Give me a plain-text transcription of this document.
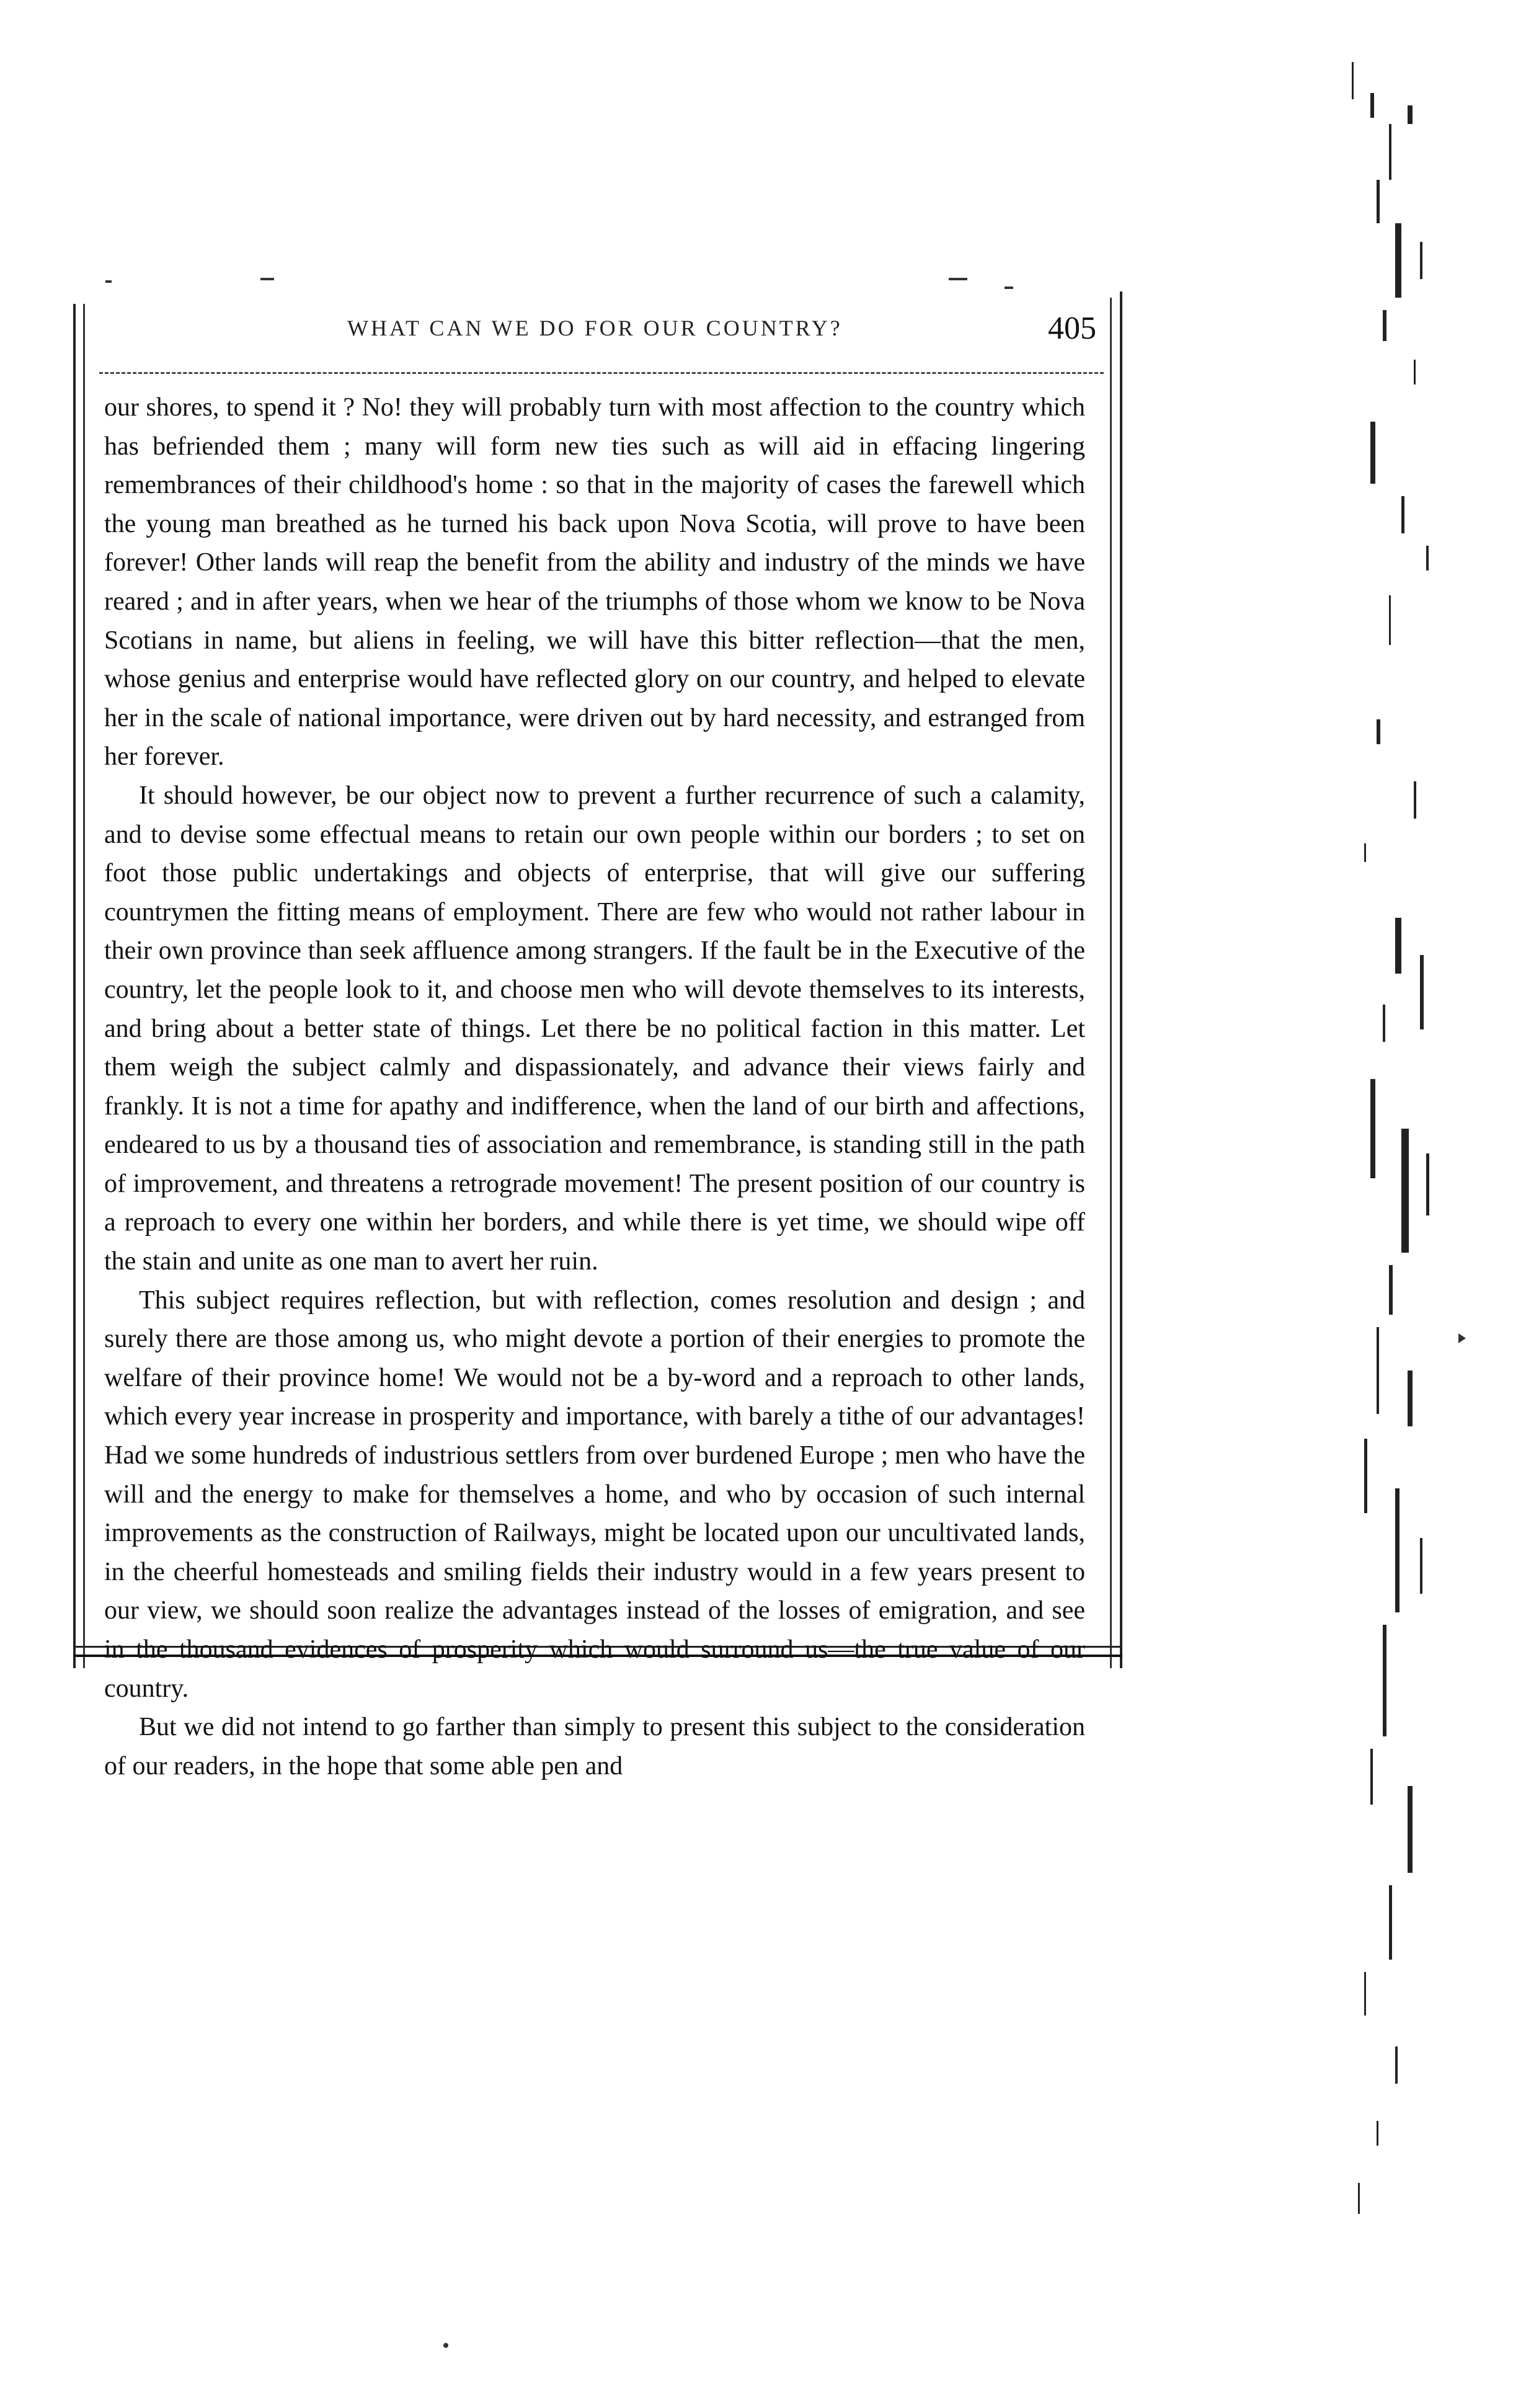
WHAT CAN WE DO FOR OUR COUNTRY?	405

our shores, to spend it ? No! they will probably turn with most affection to the country which has befriended them ; many will form new ties such as will aid in effacing lingering remembrances of their childhood's home : so that in the majority of cases the farewell which the young man breathed as he turned his back upon Nova Scotia, will prove to have been forever! Other lands will reap the benefit from the ability and industry of the minds we have reared ; and in after years, when we hear of the triumphs of those whom we know to be Nova Scotians in name, but aliens in feeling, we will have this bitter reflection—that the men, whose genius and enterprise would have reflected glory on our country, and helped to elevate her in the scale of national importance, were driven out by hard necessity, and estranged from her forever.

It should however, be our object now to prevent a further recurrence of such a calamity, and to devise some effectual means to retain our own people within our borders ; to set on foot those public undertakings and objects of enterprise, that will give our suffering countrymen the fitting means of employment. There are few who would not rather labour in their own province than seek affluence among strangers. If the fault be in the Executive of the country, let the people look to it, and choose men who will devote themselves to its interests, and bring about a better state of things. Let there be no political faction in this matter. Let them weigh the subject calmly and dispassionately, and advance their views fairly and frankly. It is not a time for apathy and indifference, when the land of our birth and affections, endeared to us by a thousand ties of association and remembrance, is standing still in the path of improvement, and threatens a retrograde movement! The present position of our country is a reproach to every one within her borders, and while there is yet time, we should wipe off the stain and unite as one man to avert her ruin.

This subject requires reflection, but with reflection, comes resolution and design ; and surely there are those among us, who might devote a portion of their energies to promote the welfare of their province home! We would not be a by-word and a reproach to other lands, which every year increase in prosperity and importance, with barely a tithe of our advantages! Had we some hundreds of industrious settlers from over burdened Europe ; men who have the will and the energy to make for themselves a home, and who by occasion of such internal improvements as the construction of Railways, might be located upon our uncultivated lands, in the cheerful homesteads and smiling fields their industry would in a few years present to our view, we should soon realize the advantages instead of the losses of emigration, and see in the thousand evidences of prosperity which would surround us—the true value of our country.

But we did not intend to go farther than simply to present this subject to the consideration of our readers, in the hope that some able pen and
